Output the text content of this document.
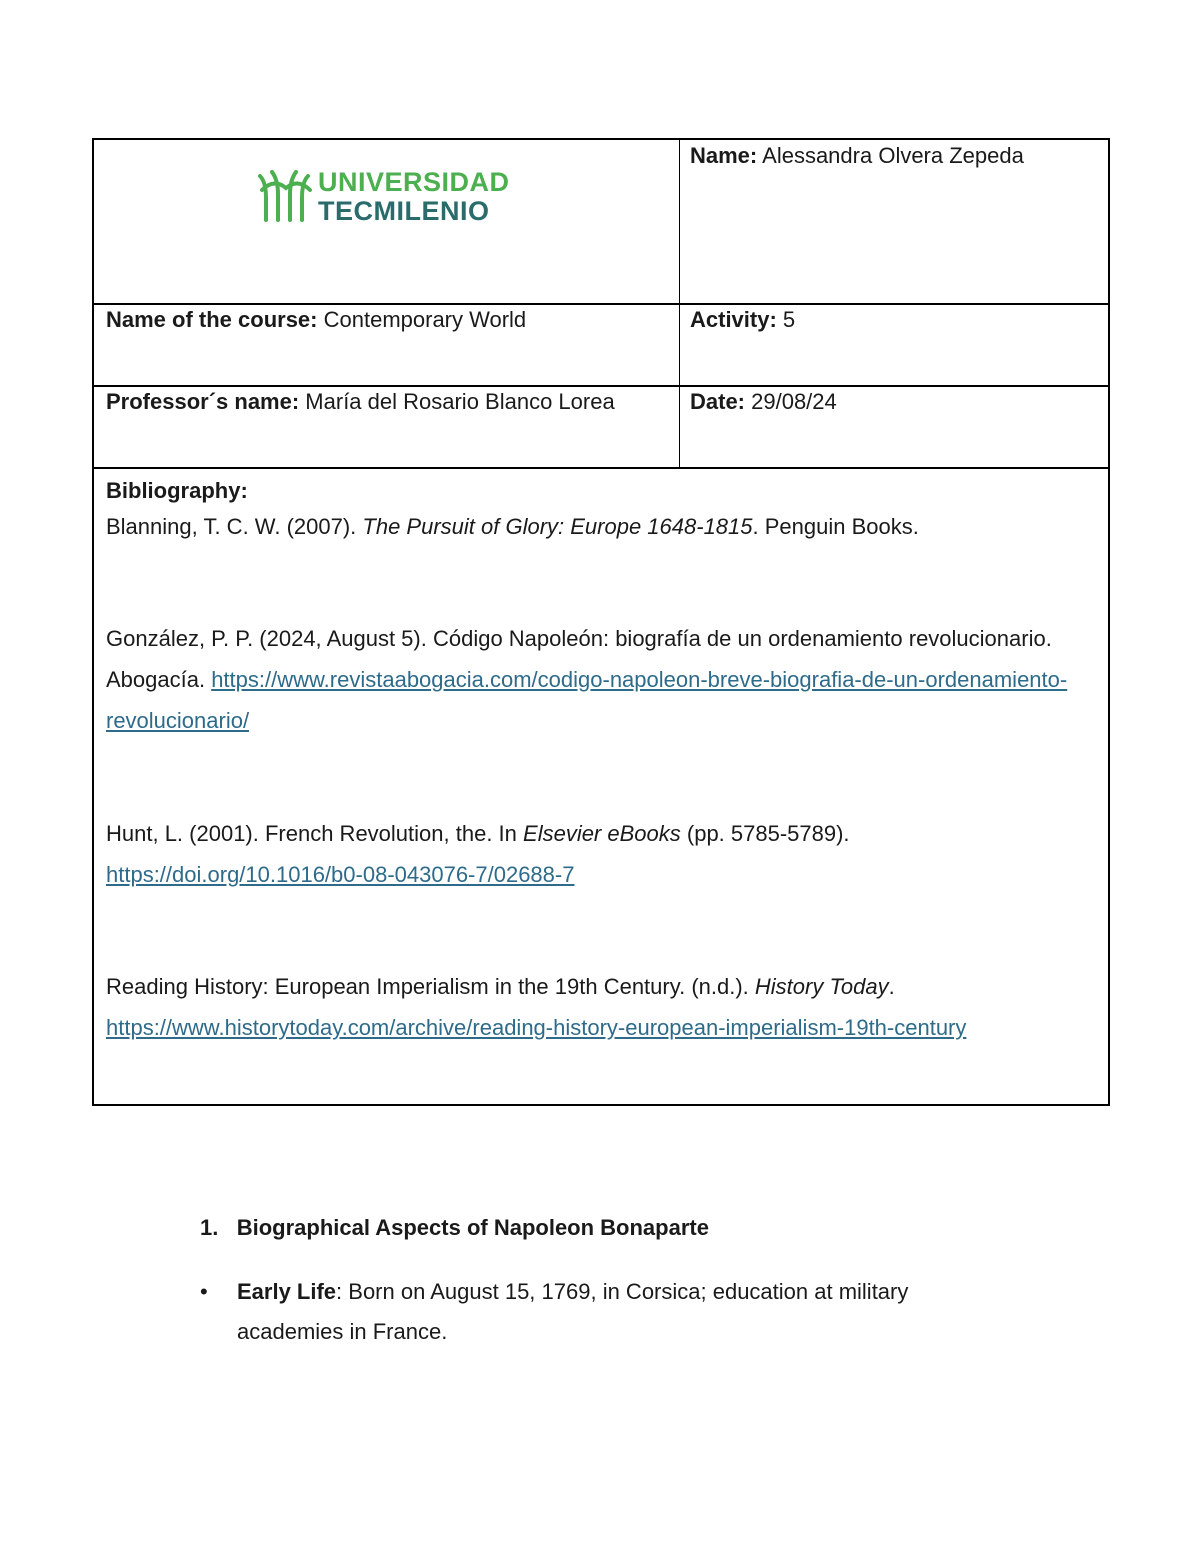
UNIVERSIDAD
TECMILENIO
Name: Alessandra Olvera Zepeda
Name of the course: Contemporary World	Activity: 5
Professor´s name: María del Rosario Blanco Lorea	Date: 29/08/24
Bibliography:
Blanning, T. C. W. (2007). The Pursuit of Glory: Europe 1648-1815. Penguin Books.
González, P. P. (2024, August 5). Código Napoleón: biografía de un ordenamiento revolucionario. Abogacía. https://www.revistaabogacia.com/codigo-napoleon-breve-biografia-de-un-ordenamiento-revolucionario/
Hunt, L. (2001). French Revolution, the. In Elsevier eBooks (pp. 5785-5789).
https://doi.org/10.1016/b0-08-043076-7/02688-7
Reading History: European Imperialism in the 19th Century. (n.d.). History Today.
https://www.historytoday.com/archive/reading-history-european-imperialism-19th-century
1. Biographical Aspects of Napoleon Bonaparte
• Early Life: Born on August 15, 1769, in Corsica; education at military academies in France.
